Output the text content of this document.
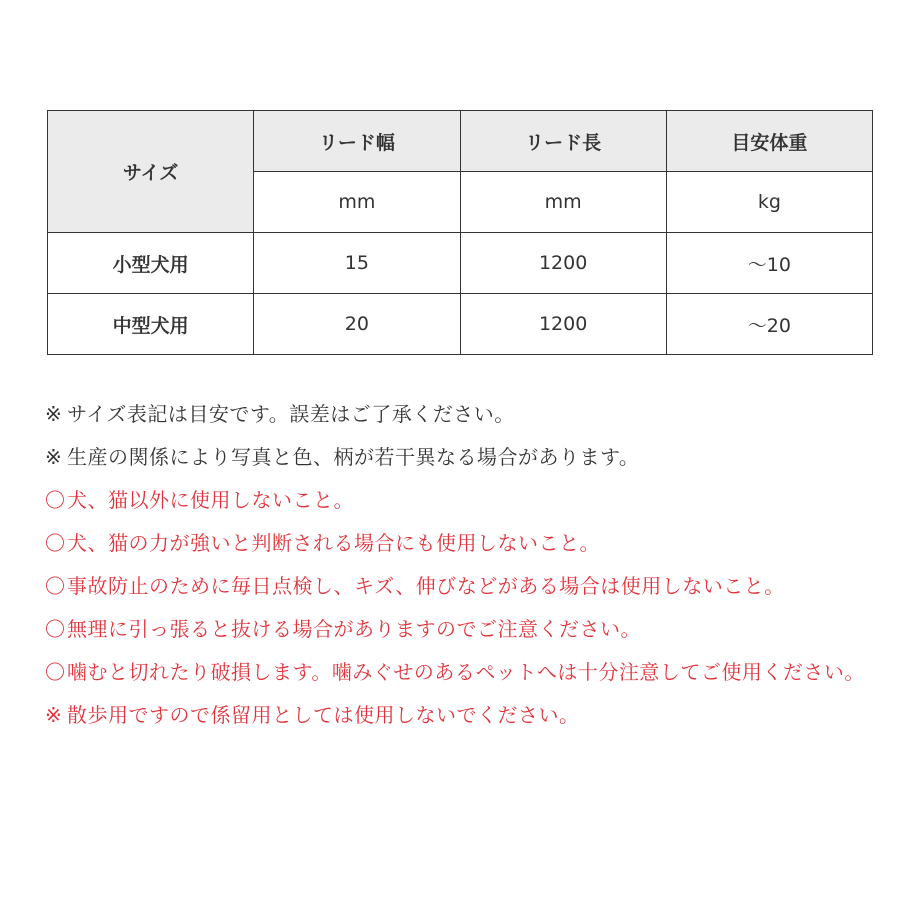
サイズ	リード幅	リード長	目安体重
	mm	mm	kg
小型犬用	15	1200	～10
中型犬用	20	1200	～20
※ サイズ表記は目安です。誤差はご了承ください。
※ 生産の関係により写真と色、柄が若干異なる場合があります。
〇 犬、猫以外に使用しないこと。
〇 犬、猫の力が強いと判断される場合にも使用しないこと。
〇 事故防止のために毎日点検し、キズ、伸びなどがある場合は使用しないこと。
〇 無理に引っ張ると抜ける場合がありますのでご注意ください。
〇 噛むと切れたり破損します。噛みぐせのあるペットへは十分注意してご使用ください。
※ 散歩用ですので係留用としては使用しないでください。
